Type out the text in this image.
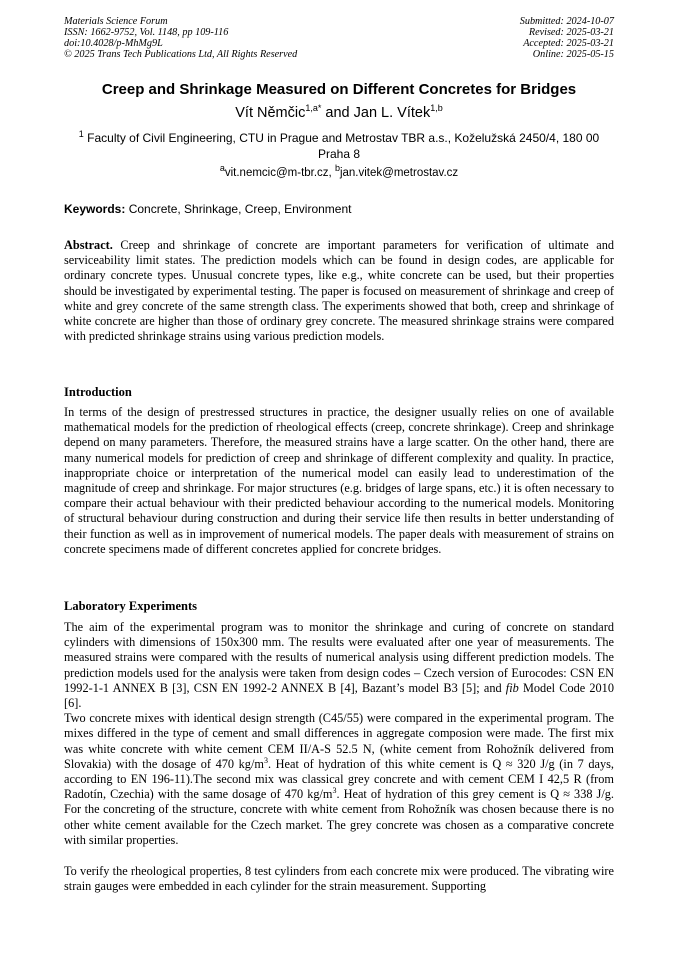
Materials Science Forum
ISSN: 1662-9752, Vol. 1148, pp 109-116
doi:10.4028/p-MhMg9L
© 2025 Trans Tech Publications Ltd, All Rights Reserved
Submitted: 2024-10-07
Revised: 2025-03-21
Accepted: 2025-03-21
Online: 2025-05-15
Creep and Shrinkage Measured on Different Concretes for Bridges
Vít Němčic$^{1,a*}$ and Jan L. Vítek$^{1,b}$
$^1$ Faculty of Civil Engineering, CTU in Prague and Metrostav TBR a.s., Koželužská 2450/4, 180 00 Praha 8
$^a$vit.nemcic@m-tbr.cz, $^b$jan.vitek@metrostav.cz
Keywords: Concrete, Shrinkage, Creep, Environment

Abstract. Creep and shrinkage of concrete are important parameters for verification of ultimate and serviceability limit states. The prediction models which can be found in design codes, are applicable for ordinary concrete types. Unusual concrete types, like e.g., white concrete can be used, but their properties should be investigated by experimental testing. The paper is focused on measurement of shrinkage and creep of white and grey concrete of the same strength class. The experiments showed that both, creep and shrinkage of white concrete are higher than those of ordinary grey concrete. The measured shrinkage strains were compared with predicted shrinkage strains using various prediction models.

Introduction

In terms of the design of prestressed structures in practice, the designer usually relies on one of available mathematical models for the prediction of rheological effects (creep, concrete shrinkage). Creep and shrinkage depend on many parameters. Therefore, the measured strains have a large scatter. On the other hand, there are many numerical models for prediction of creep and shrinkage of different complexity and quality. In practice, inappropriate choice or interpretation of the numerical model can easily lead to underestimation of the magnitude of creep and shrinkage. For major structures (e.g. bridges of large spans, etc.) it is often necessary to compare their actual behaviour with their predicted behaviour according to the numerical models. Monitoring of structural behaviour during construction and during their service life then results in better understanding of their function as well as in improvement of numerical models. The paper deals with measurement of strains on concrete specimens made of different concretes applied for concrete bridges.

Laboratory Experiments

The aim of the experimental program was to monitor the shrinkage and curing of concrete on standard cylinders with dimensions of 150x300 mm. The results were evaluated after one year of measurements. The measured strains were compared with the results of numerical analysis using different prediction models. The prediction models used for the analysis were taken from design codes – Czech version of Eurocodes: CSN EN 1992-1-1 ANNEX B [3], CSN EN 1992-2 ANNEX B [4], Bazant’s model B3 [5]; and fib Model Code 2010 [6].

Two concrete mixes with identical design strength (C45/55) were compared in the experimental program. The mixes differed in the type of cement and small differences in aggregate composion were made. The first mix was white concrete with white cement CEM II/A-S 52.5 N, (white cement from Rohožník delivered from Slovakia) with the dosage of 470 $kg/m^3$. Heat of hydration of this white cement is Q ≈ 320 J/g (in 7 days, according to EN 196-11).The second mix was classical grey concrete and with cement CEM I 42,5 R (from Radotín, Czechia) with the same dosage of 470 $kg/m^3$. Heat of hydration of this grey cement is Q ≈ 338 J/g. For the concreting of the structure, concrete with white cement from Rohožník was chosen because there is no other white cement available for the Czech market. The grey concrete was chosen as a comparative concrete with similar properties.

To verify the rheological properties, 8 test cylinders from each concrete mix were produced. The vibrating wire strain gauges were embedded in each cylinder for the strain measurement. Supporting
